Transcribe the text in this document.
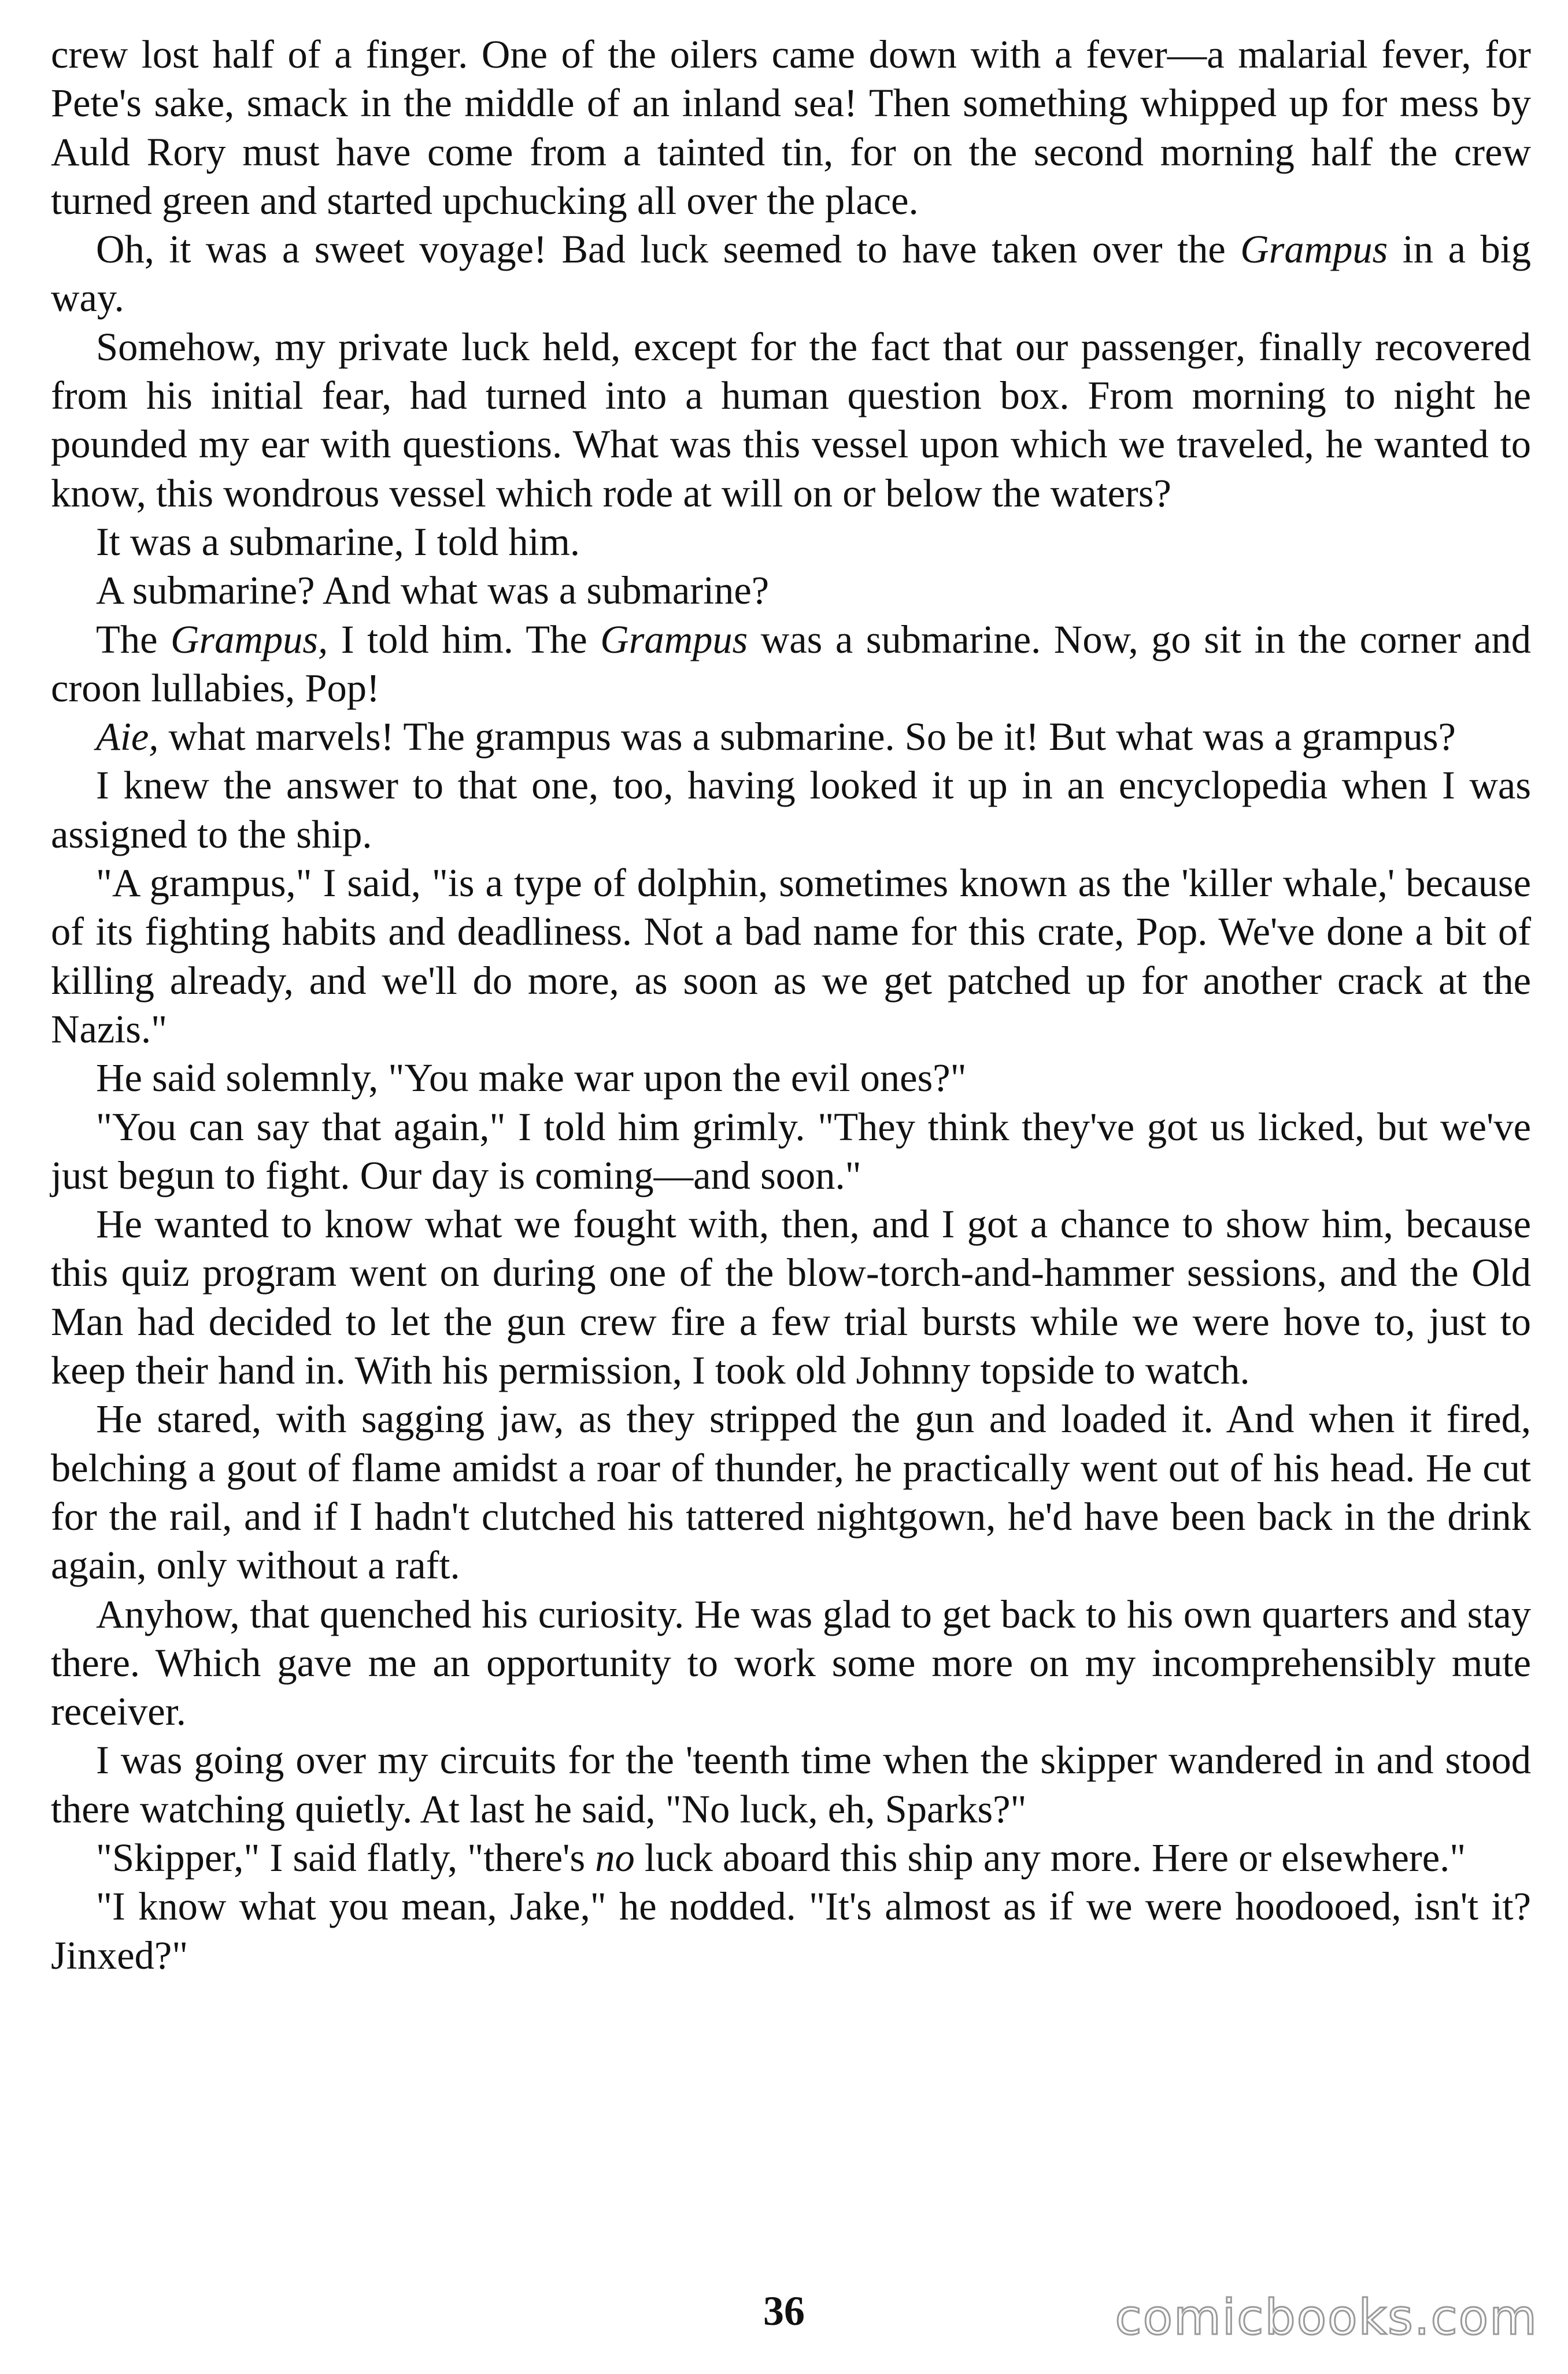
crew lost half of a finger. One of the oilers came down with a fever—a malarial fever, for Pete's sake, smack in the middle of an inland sea! Then something whipped up for mess by Auld Rory must have come from a tainted tin, for on the second morning half the crew turned green and started upchucking all over the place.

Oh, it was a sweet voyage! Bad luck seemed to have taken over the Grampus in a big way.

Somehow, my private luck held, except for the fact that our passenger, finally recovered from his initial fear, had turned into a human question box. From morning to night he pounded my ear with questions. What was this vessel upon which we traveled, he wanted to know, this wondrous vessel which rode at will on or below the waters?

It was a submarine, I told him.

A submarine? And what was a submarine?

The Grampus, I told him. The Grampus was a submarine. Now, go sit in the corner and croon lullabies, Pop!

Aie, what marvels! The grampus was a submarine. So be it! But what was a grampus?

I knew the answer to that one, too, having looked it up in an encyclopedia when I was assigned to the ship.

"A grampus," I said, "is a type of dolphin, sometimes known as the 'killer whale,' because of its fighting habits and deadliness. Not a bad name for this crate, Pop. We've done a bit of killing already, and we'll do more, as soon as we get patched up for another crack at the Nazis."

He said solemnly, "You make war upon the evil ones?"

"You can say that again," I told him grimly. "They think they've got us licked, but we've just begun to fight. Our day is coming—and soon."

He wanted to know what we fought with, then, and I got a chance to show him, because this quiz program went on during one of the blow-torch-and-hammer sessions, and the Old Man had decided to let the gun crew fire a few trial bursts while we were hove to, just to keep their hand in. With his permission, I took old Johnny topside to watch.

He stared, with sagging jaw, as they stripped the gun and loaded it. And when it fired, belching a gout of flame amidst a roar of thunder, he practically went out of his head. He cut for the rail, and if I hadn't clutched his tattered nightgown, he'd have been back in the drink again, only without a raft.

Anyhow, that quenched his curiosity. He was glad to get back to his own quarters and stay there. Which gave me an opportunity to work some more on my incomprehensibly mute receiver.

I was going over my circuits for the 'teenth time when the skipper wandered in and stood there watching quietly. At last he said, "No luck, eh, Sparks?"

"Skipper," I said flatly, "there's no luck aboard this ship any more. Here or elsewhere."

"I know what you mean, Jake," he nodded. "It's almost as if we were hoodooed, isn't it? Jinxed?"

36	comicbooks.com
